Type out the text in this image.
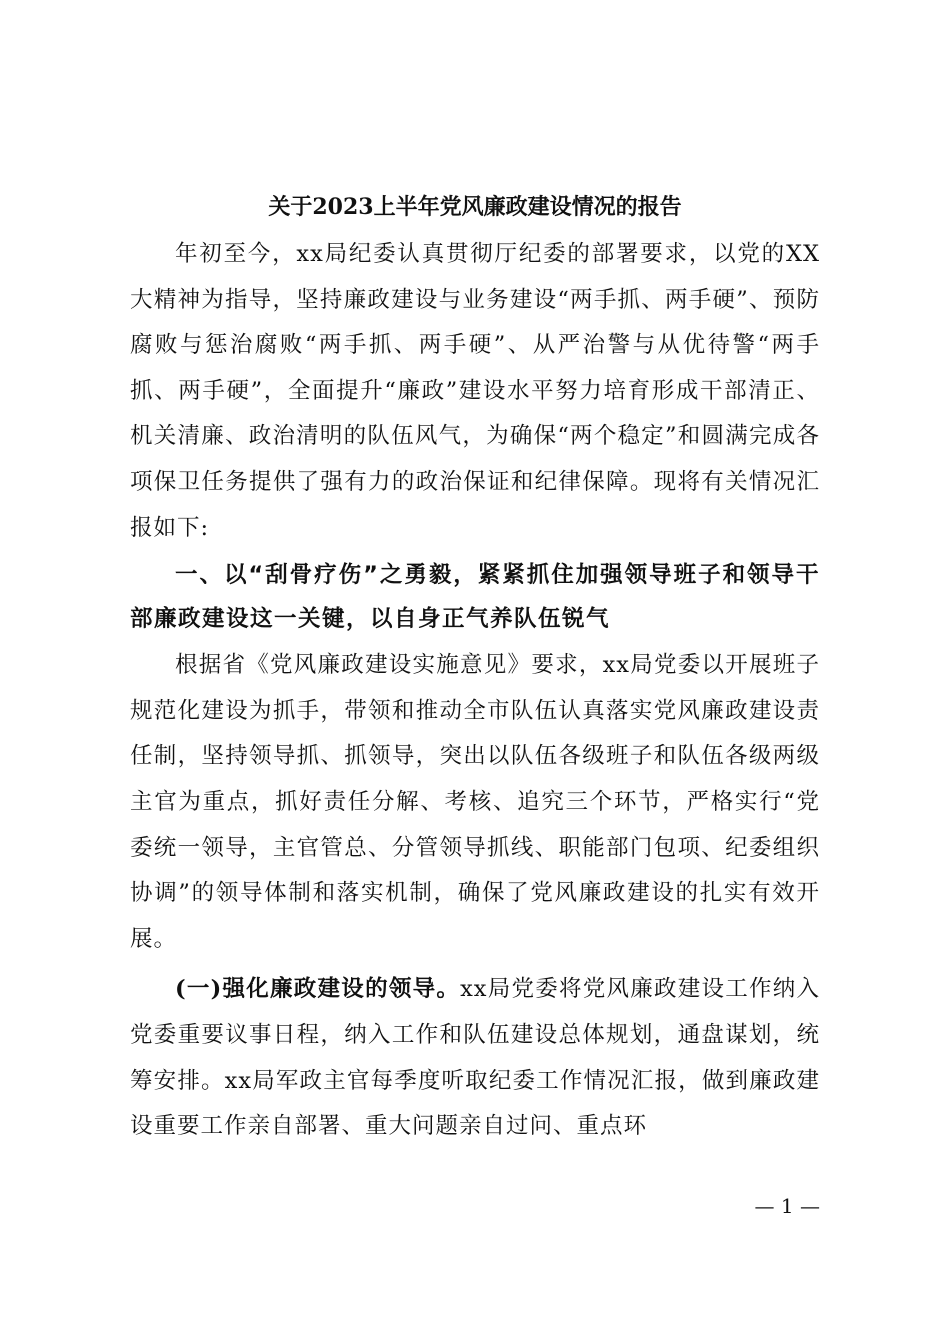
关于2023上半年党风廉政建设情况的报告

年初至今，xx局纪委认真贯彻厅纪委的部署要求，以党的XX大精神为指导，坚持廉政建设与业务建设“两手抓、两手硬”、预防腐败与惩治腐败“两手抓、两手硬”、从严治警与从优待警“两手抓、两手硬”，全面提升“廉政”建设水平努力培育形成干部清正、机关清廉、政治清明的队伍风气，为确保“两个稳定”和圆满完成各项保卫任务提供了强有力的政治保证和纪律保障。现将有关情况汇报如下:

一、以“刮骨疗伤”之勇毅，紧紧抓住加强领导班子和领导干部廉政建设这一关键，以自身正气养队伍锐气

根据省《党风廉政建设实施意见》要求，xx局党委以开展班子规范化建设为抓手，带领和推动全市队伍认真落实党风廉政建设责任制，坚持领导抓、抓领导，突出以队伍各级班子和队伍各级两级主官为重点，抓好责任分解、考核、追究三个环节，严格实行“党委统一领导，主官管总、分管领导抓线、职能部门包项、纪委组织协调”的领导体制和落实机制，确保了党风廉政建设的扎实有效开展。

(一)强化廉政建设的领导。xx局党委将党风廉政建设工作纳入党委重要议事日程，纳入工作和队伍建设总体规划，通盘谋划，统筹安排。xx局军政主官每季度听取纪委工作情况汇报，做到廉政建设重要工作亲自部署、重大问题亲自过问、重点环

— 1 —
